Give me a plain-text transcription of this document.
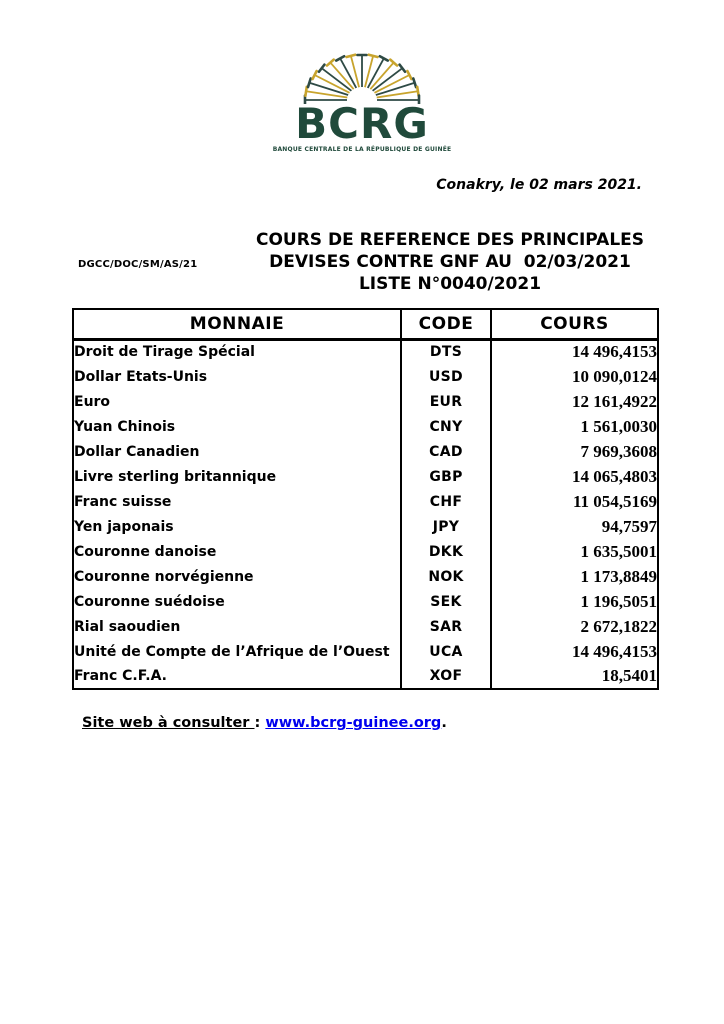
BCRG
BANQUE CENTRALE DE LA RÉPUBLIQUE DE GUINÉE
Conakry, le 02 mars 2021.
DGCC/DOC/SM/AS/21
COURS DE REFERENCE DES PRINCIPALES
DEVISES CONTRE GNF AU  02/03/2021
LISTE N°0040/2021
MONNAIE	CODE	COURS
Droit de Tirage Spécial	DTS	14 496,4153
Dollar Etats-Unis	USD	10 090,0124
Euro	EUR	12 161,4922
Yuan Chinois	CNY	1 561,0030
Dollar Canadien	CAD	7 969,3608
Livre sterling britannique	GBP	14 065,4803
Franc suisse	CHF	11 054,5169
Yen japonais	JPY	94,7597
Couronne danoise	DKK	1 635,5001
Couronne norvégienne	NOK	1 173,8849
Couronne suédoise	SEK	1 196,5051
Rial saoudien	SAR	2 672,1822
Unité de Compte de l’Afrique de l’Ouest	UCA	14 496,4153
Franc C.F.A.	XOF	18,5401
Site web à consulter : www.bcrg-guinee.org.
